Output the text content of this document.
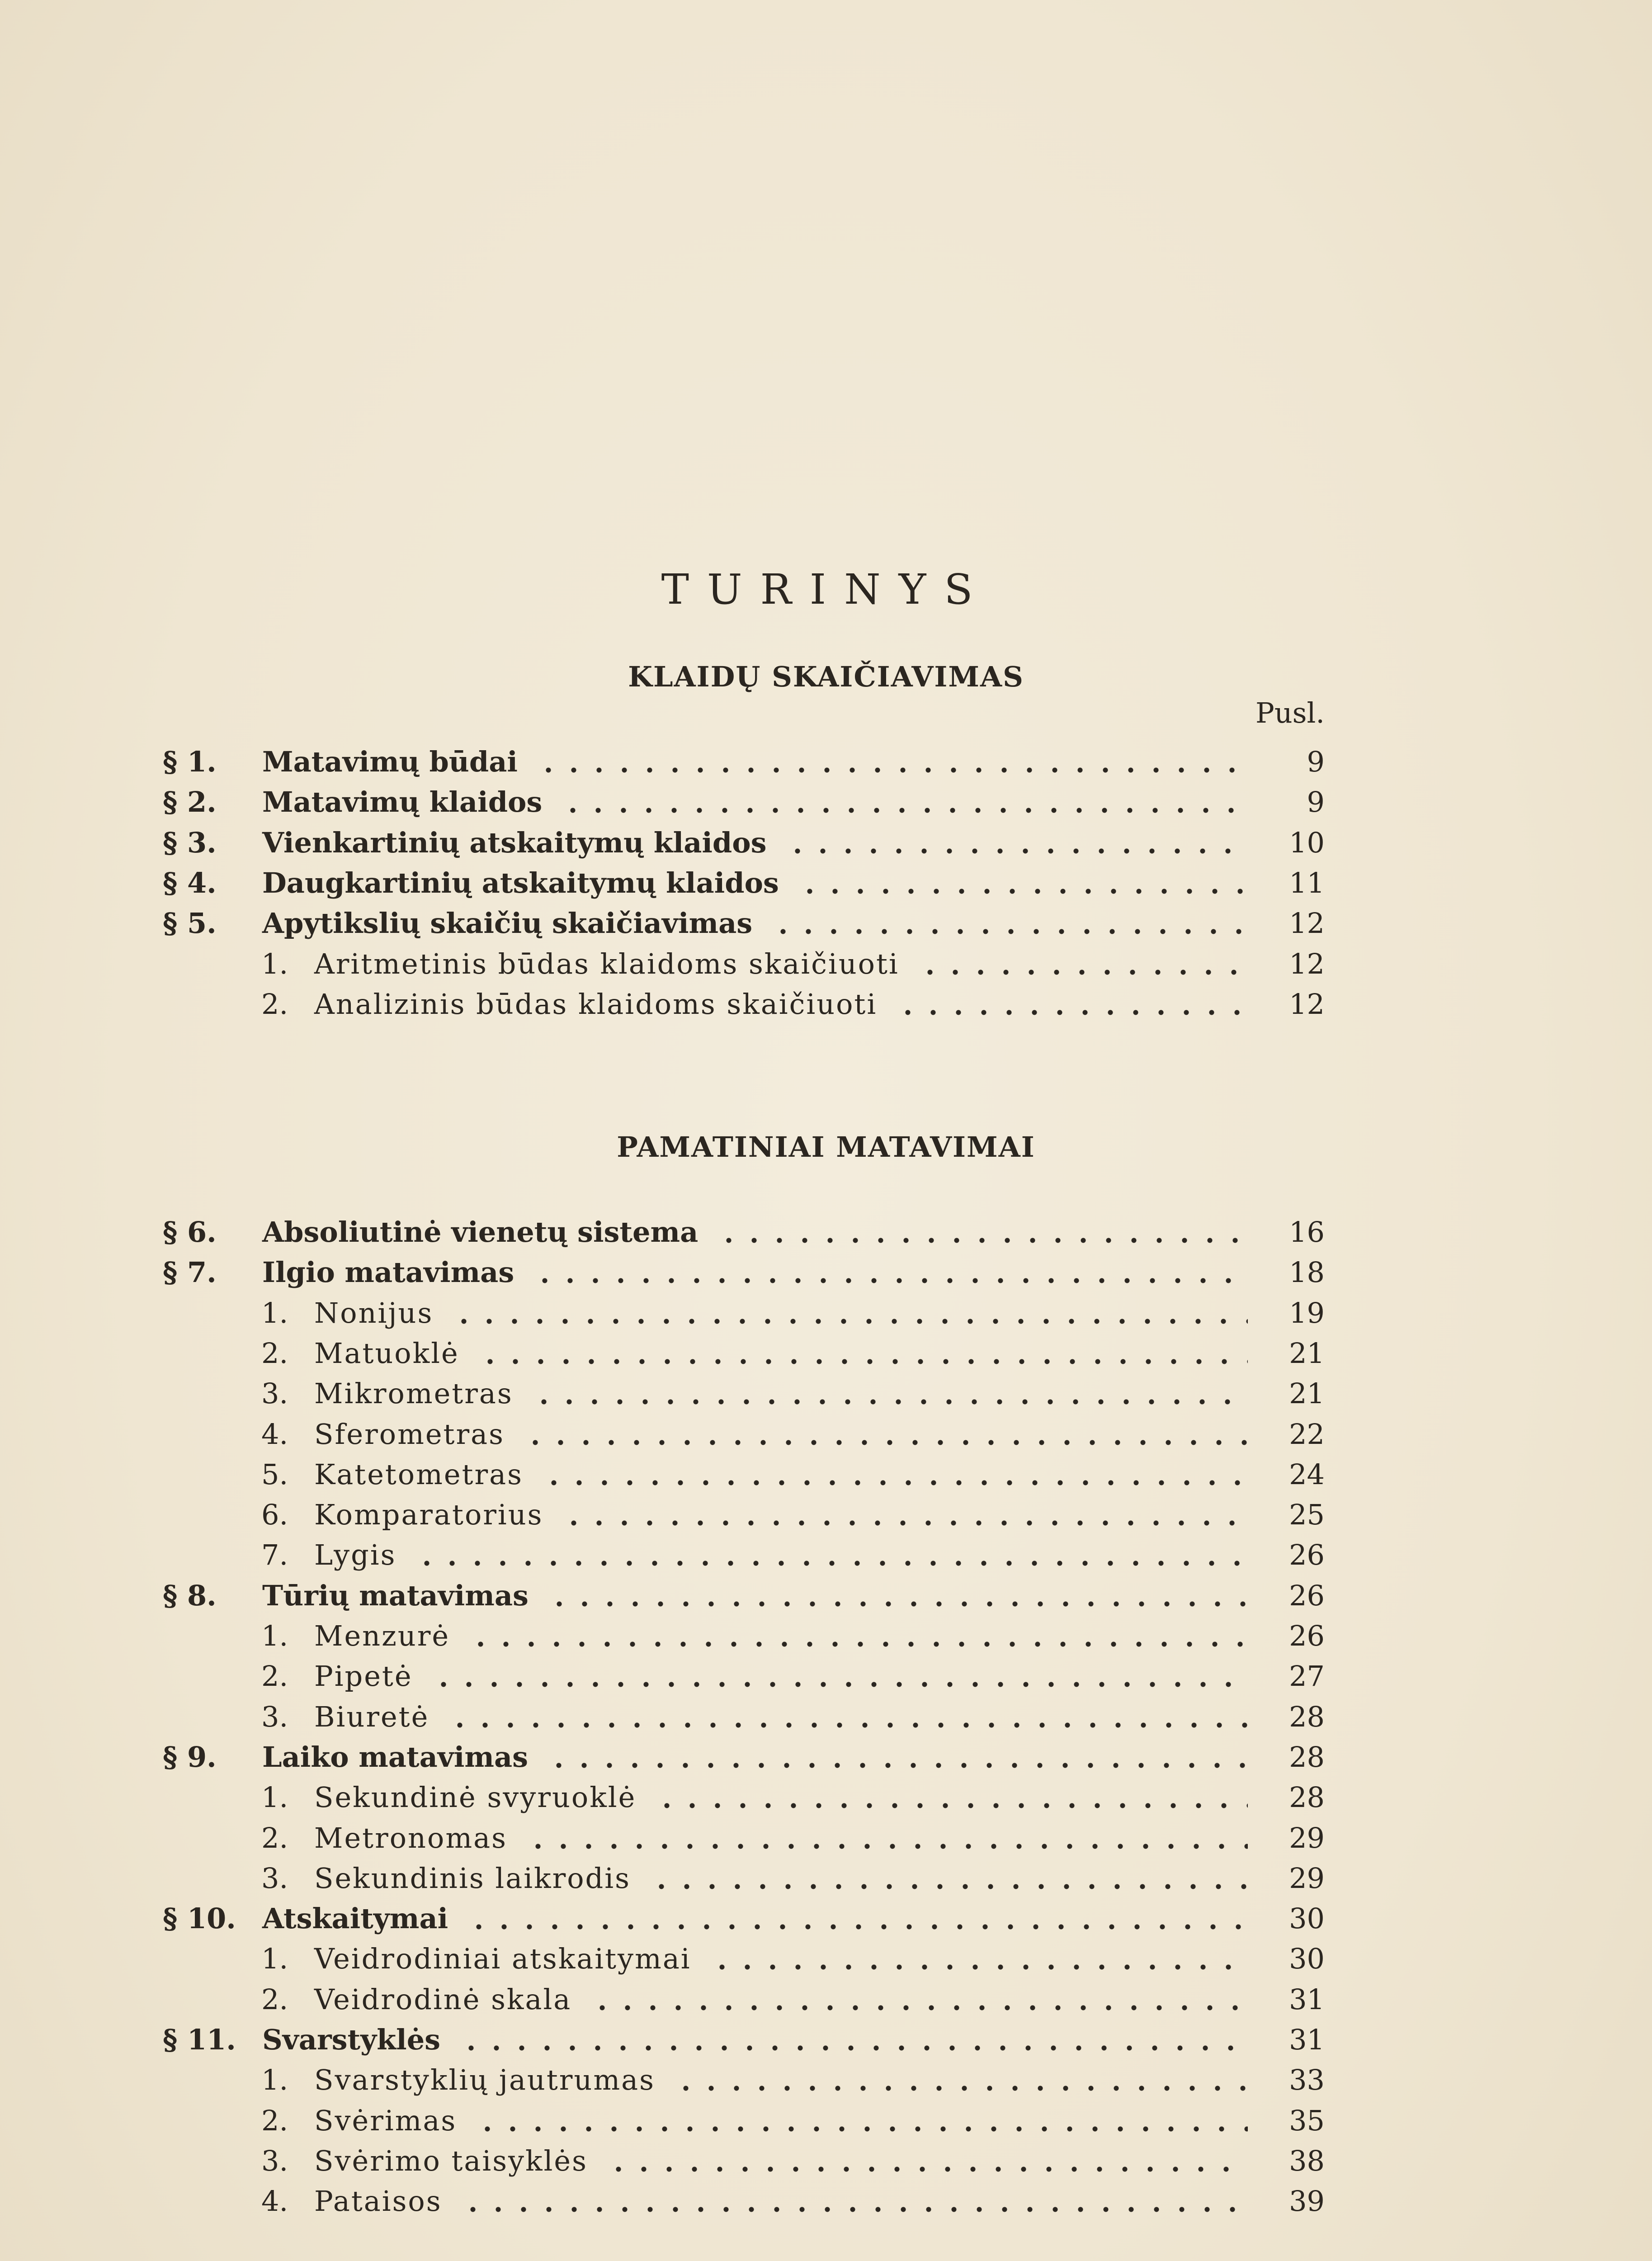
TURINYS
KLAIDŲ SKAIČIAVIMAS
Pusl.
§ 1.	Matavimų būdai	9
§ 2.	Matavimų klaidos	9
§ 3.	Vienkartinių atskaitymų klaidos	10
§ 4.	Daugkartinių atskaitymų klaidos	11
§ 5.	Apytikslių skaičių skaičiavimas	12
1. Aritmetinis būdas klaidoms skaičiuoti	12
2. Analizinis būdas klaidoms skaičiuoti	12
PAMATINIAI MATAVIMAI
§ 6.	Absoliutinė vienetų sistema	16
§ 7.	Ilgio matavimas	18
1. Nonijus	19
2. Matuoklė	21
3. Mikrometras	21
4. Sferometras	22
5. Katetometras	24
6. Komparatorius	25
7. Lygis	26
§ 8.	Tūrių matavimas	26
1. Menzurė	26
2. Pipetė	27
3. Biuretė	28
§ 9.	Laiko matavimas	28
1. Sekundinė svyruoklė	28
2. Metronomas	29
3. Sekundinis laikrodis	29
§ 10. Atskaitymai	30
1. Veidrodiniai atskaitymai	30
2. Veidrodinė skala	31
§ 11. Svarstyklės	31
1. Svarstyklių jautrumas	33
2. Svėrimas	35
3. Svėrimo taisyklės	38
4. Pataisos	39
